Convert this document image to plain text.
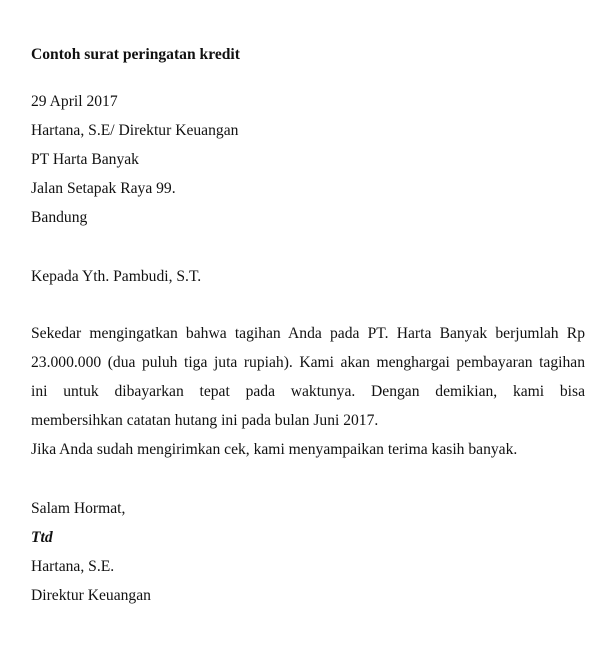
Contoh surat peringatan kredit
29 April 2017
Hartana, S.E/ Direktur Keuangan
PT Harta Banyak
Jalan Setapak Raya 99.
Bandung
Kepada Yth. Pambudi, S.T.
Sekedar mengingatkan bahwa tagihan Anda pada PT. Harta Banyak berjumlah Rp
23.000.000 (dua puluh tiga juta rupiah). Kami akan menghargai pembayaran tagihan
ini untuk dibayarkan tepat pada waktunya. Dengan demikian, kami bisa
membersihkan catatan hutang ini pada bulan Juni 2017.
Jika Anda sudah mengirimkan cek, kami menyampaikan terima kasih banyak.
Salam Hormat,
Ttd
Hartana, S.E.
Direktur Keuangan
